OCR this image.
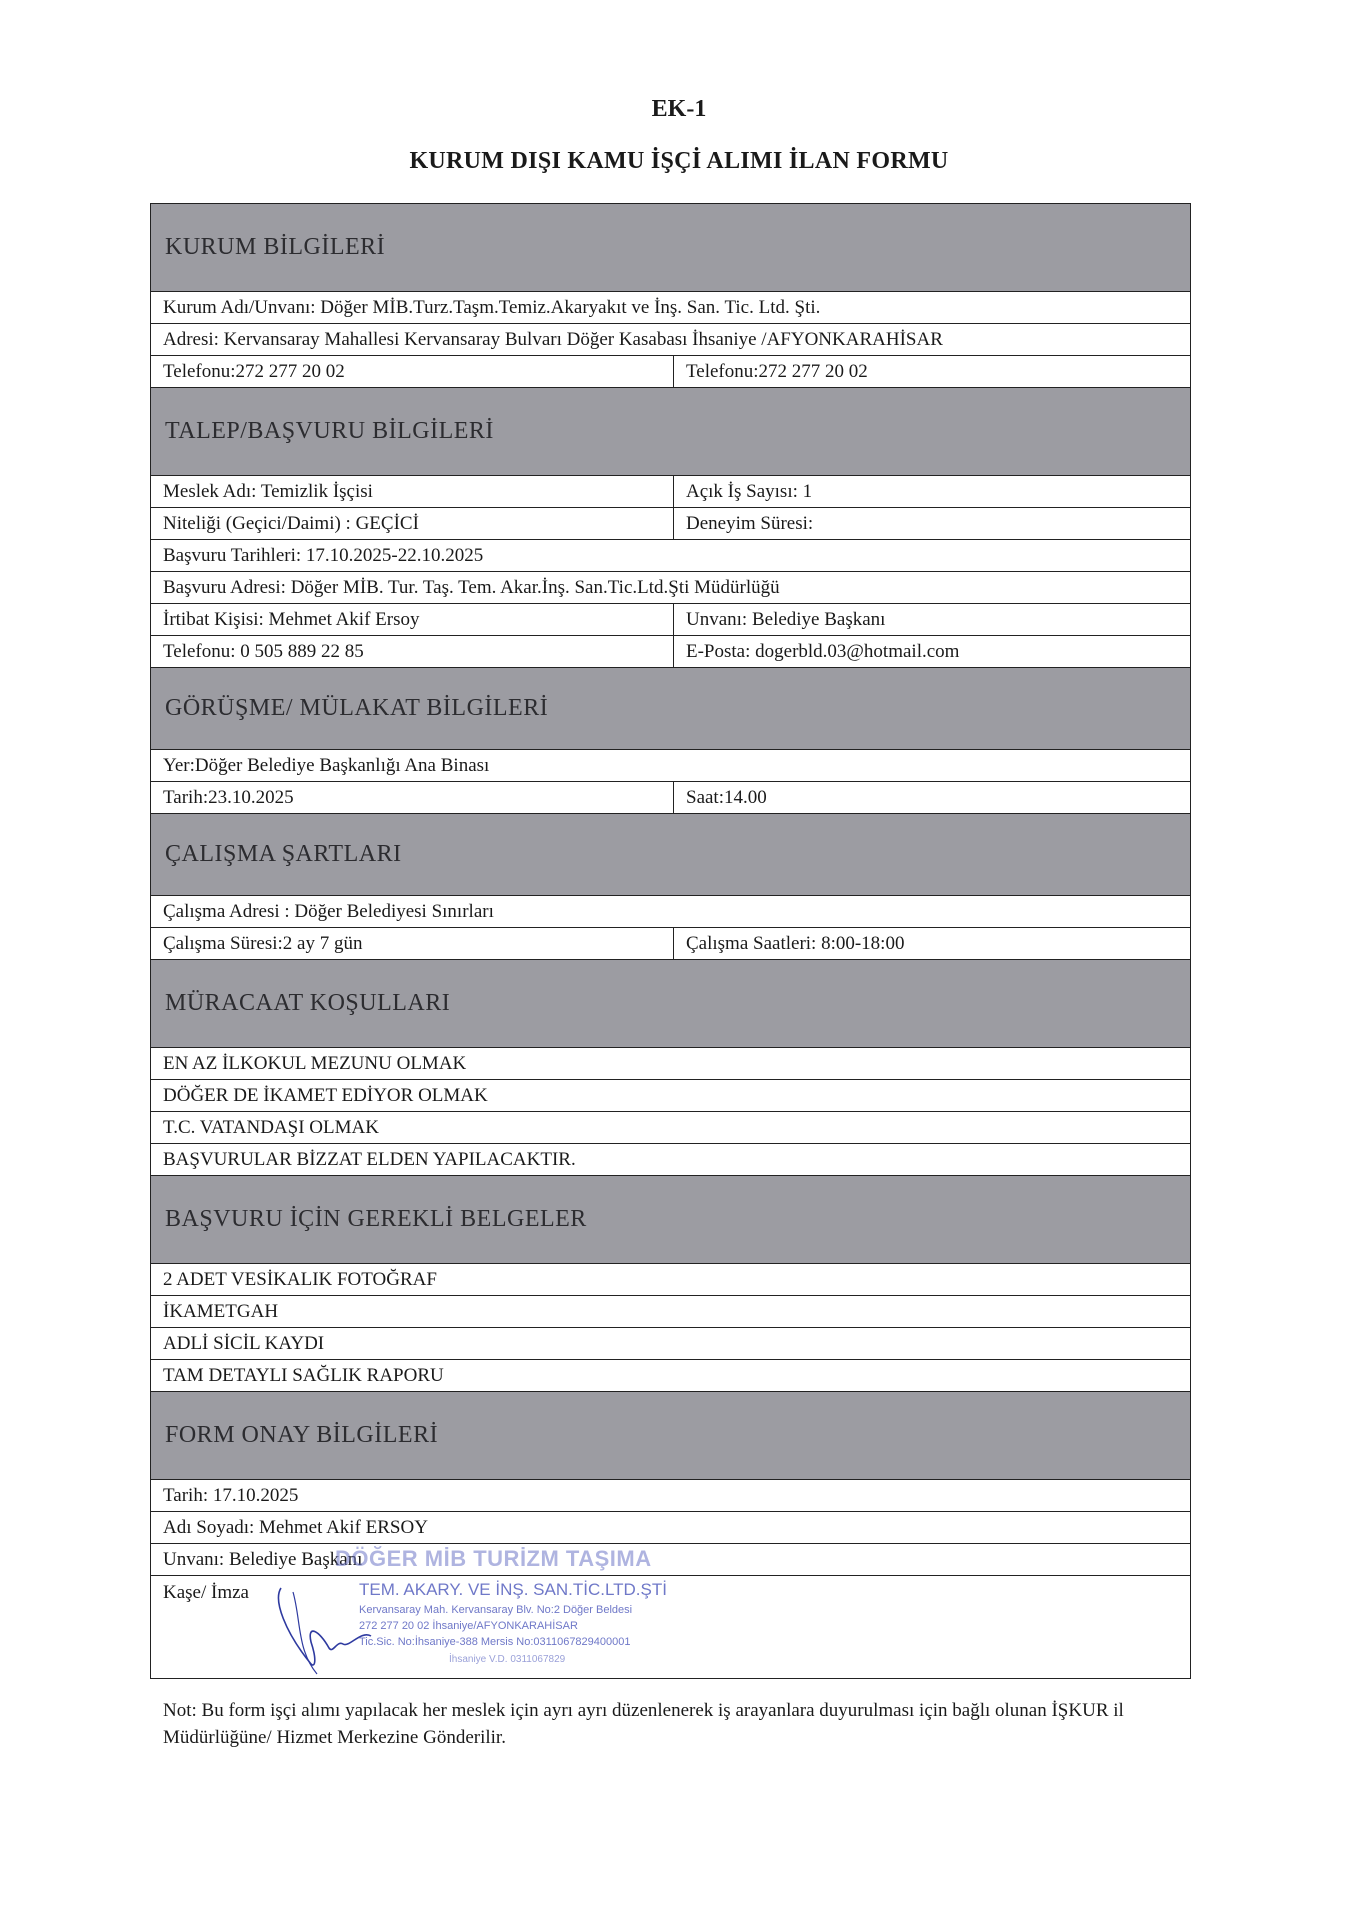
EK-1
KURUM DIŞI KAMU İŞÇİ ALIMI İLAN FORMU
KURUM BİLGİLERİ
Kurum Adı/Unvanı: Döğer MİB.Turz.Taşm.Temiz.Akaryakıt ve İnş. San. Tic. Ltd. Şti.
Adresi: Kervansaray Mahallesi Kervansaray Bulvarı Döğer Kasabası İhsaniye /AFYONKARAHİSAR
Telefonu:272 277 20 02	Telefonu:272 277 20 02
TALEP/BAŞVURU BİLGİLERİ
Meslek Adı: Temizlik İşçisi	Açık İş Sayısı: 1
Niteliği (Geçici/Daimi) : GEÇİCİ	Deneyim Süresi:
Başvuru Tarihleri: 17.10.2025-22.10.2025
Başvuru Adresi: Döğer MİB. Tur. Taş. Tem. Akar.İnş. San.Tic.Ltd.Şti Müdürlüğü
İrtibat Kişisi: Mehmet Akif Ersoy	Unvanı: Belediye Başkanı
Telefonu: 0 505 889 22 85	E-Posta: dogerbld.03@hotmail.com
GÖRÜŞME/ MÜLAKAT BİLGİLERİ
Yer:Döğer Belediye Başkanlığı Ana Binası
Tarih:23.10.2025	Saat:14.00
ÇALIŞMA ŞARTLARI
Çalışma Adresi : Döğer Belediyesi Sınırları
Çalışma Süresi:2 ay 7 gün	Çalışma Saatleri: 8:00-18:00
MÜRACAAT KOŞULLARI
EN AZ İLKOKUL MEZUNU OLMAK
DÖĞER DE İKAMET EDİYOR OLMAK
T.C. VATANDAŞI OLMAK
BAŞVURULAR BİZZAT ELDEN YAPILACAKTIR.
BAŞVURU İÇİN GEREKLİ BELGELER
2 ADET VESİKALIK FOTOĞRAF
İKAMETGAH
ADLİ SİCİL KAYDI
TAM DETAYLI SAĞLIK RAPORU
FORM ONAY BİLGİLERİ
Tarih: 17.10.2025
Adı Soyadı: Mehmet Akif ERSOY
Unvanı: Belediye Başkanı
Kaşe/ İmza
DÖĞER MİB TURİZM TAŞIMA
TEM. AKARY. VE İNŞ. SAN.TİC.LTD.ŞTİ
Kervansaray Mah. Kervansaray Blv. No:2 Döğer Beldesi
272 277 20 02 İhsaniye/AFYONKARAHİSAR
Tic.Sic. No:İhsaniye-388 Mersis No:0311067829400001
İhsaniye V.D. 0311067829
Not: Bu form işçi alımı yapılacak her meslek için ayrı ayrı düzenlenerek iş arayanlara duyurulması için bağlı olunan İŞKUR il Müdürlüğüne/ Hizmet Merkezine Gönderilir.
